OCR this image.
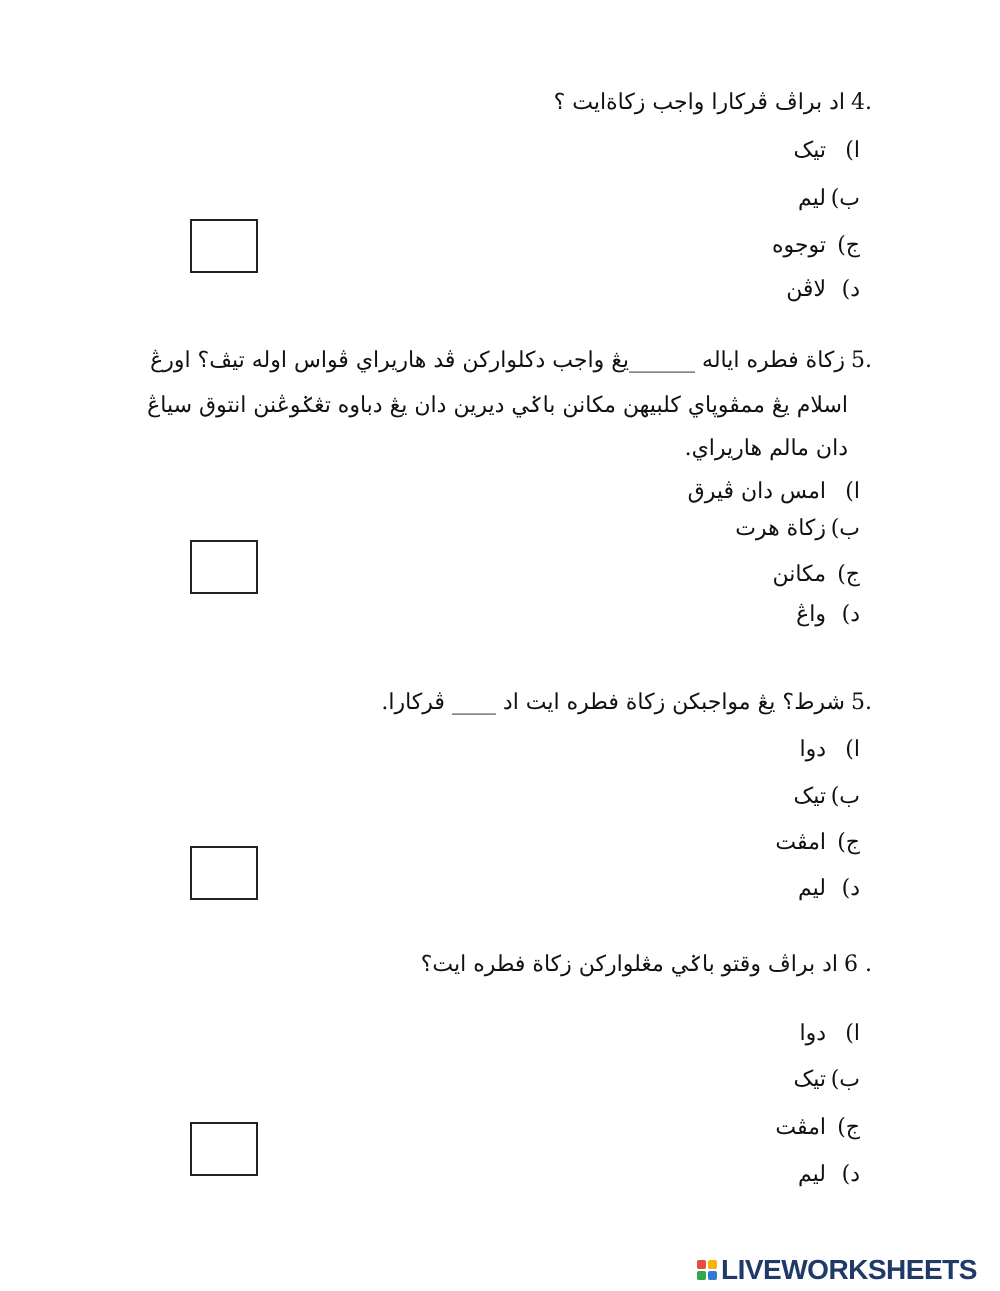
4.اد براڤ ڤركارا واجب زكاةايت ؟
ا)تيک
ب)ليم
ج)توجوه
د)لاڤن
5.زكاة فطره اياله ______يڠ واجب دكلواركن ڤد هاريراي ڤواس اوله تيڤ؟ اورڠ
اسلام يڠ ممڤوڽاي كلبيهن مكانن باݢي ديرين دان يڠ دباوه تڠݢوڠنن انتوق سياڠ
دان مالم هاريراي.
ا)امس دان ڤيرق
ب)زكاة هرت
ج)مكانن
د)واڠ
5.شرط؟ يڠ مواجبكن زكاة فطره ايت اد ____ ڤركارا.
ا)دوا
ب)تيک
ج)امڤت
د)ليم
6 .اد براڤ وقتو باݢي مڠلواركن زكاة فطره ايت؟
ا)دوا
ب)تيک
ج)امڤت
د)ليم
LIVEWORKSHEETS
